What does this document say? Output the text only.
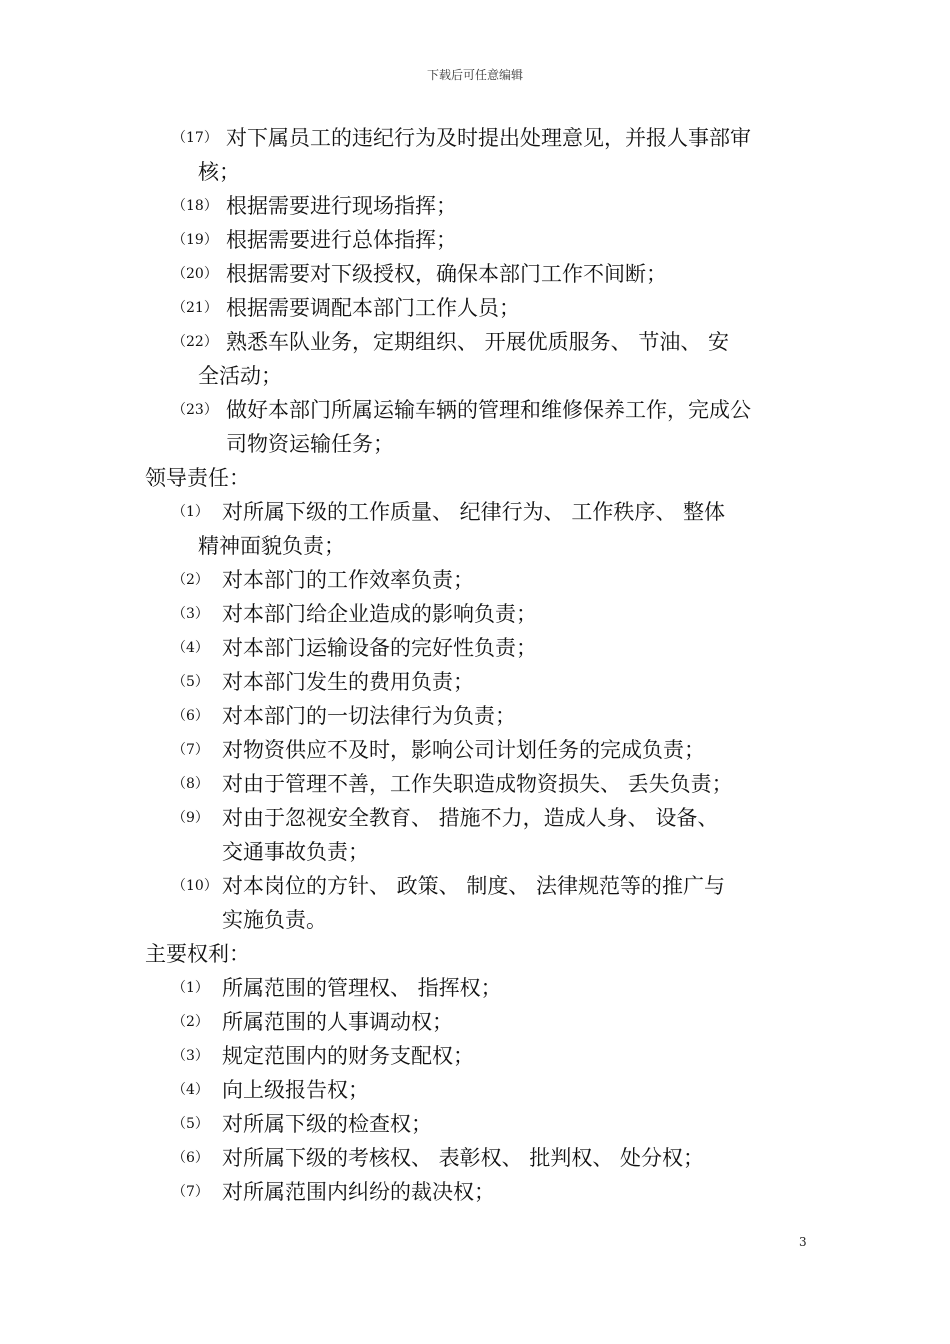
下载后可任意编辑
（17） 对下属员工的违纪行为及时提出处理意见，并报人事部审
核；
（18） 根据需要进行现场指挥；
（19） 根据需要进行总体指挥；
（20） 根据需要对下级授权，确保本部门工作不间断；
（21） 根据需要调配本部门工作人员；
（22） 熟悉车队业务，定期组织、 开展优质服务、 节油、 安
全活动；
（23） 做好本部门所属运输车辆的管理和维修保养工作，完成公
司物资运输任务；
领导责任：
（1） 对所属下级的工作质量、 纪律行为、 工作秩序、 整体
精神面貌负责；
（2） 对本部门的工作效率负责；
（3） 对本部门给企业造成的影响负责；
（4） 对本部门运输设备的完好性负责；
（5） 对本部门发生的费用负责；
（6） 对本部门的一切法律行为负责；
（7） 对物资供应不及时，影响公司计划任务的完成负责；
（8） 对由于管理不善，工作失职造成物资损失、 丢失负责；
（9） 对由于忽视安全教育、 措施不力，造成人身、 设备、
交通事故负责；
（10） 对本岗位的方针、 政策、 制度、 法律规范等的推广与
实施负责。
主要权利：
（1） 所属范围的管理权、 指挥权；
（2） 所属范围的人事调动权；
（3） 规定范围内的财务支配权；
（4） 向上级报告权；
（5） 对所属下级的检查权；
（6） 对所属下级的考核权、 表彰权、 批判权、 处分权；
（7） 对所属范围内纠纷的裁决权；
3
